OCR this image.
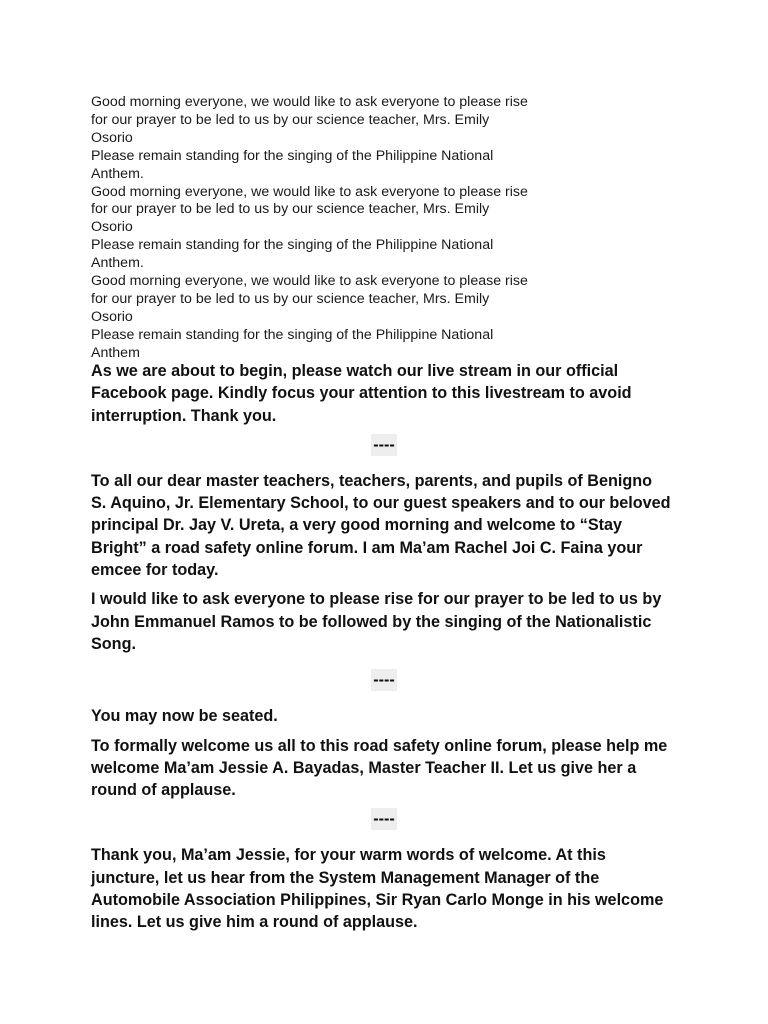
Good morning everyone, we would like to ask everyone to please rise
for our prayer to be led to us by our science teacher, Mrs. Emily
Osorio
Please remain standing for the singing of the Philippine National
Anthem.
Good morning everyone, we would like to ask everyone to please rise
for our prayer to be led to us by our science teacher, Mrs. Emily
Osorio
Please remain standing for the singing of the Philippine National
Anthem.
Good morning everyone, we would like to ask everyone to please rise
for our prayer to be led to us by our science teacher, Mrs. Emily
Osorio
Please remain standing for the singing of the Philippine National
Anthem

As we are about to begin, please watch our live stream in our official
Facebook page. Kindly focus your attention to this livestream to avoid
interruption. Thank you.

----

To all our dear master teachers, teachers, parents, and pupils of Benigno
S. Aquino, Jr. Elementary School, to our guest speakers and to our beloved
principal Dr. Jay V. Ureta, a very good morning and welcome to “Stay
Bright” a road safety online forum. I am Ma’am Rachel Joi C. Faina your
emcee for today.

I would like to ask everyone to please rise for our prayer to be led to us by
John Emmanuel Ramos to be followed by the singing of the Nationalistic
Song.

----

You may now be seated.

To formally welcome us all to this road safety online forum, please help me
welcome Ma’am Jessie A. Bayadas, Master Teacher II. Let us give her a
round of applause.

----

Thank you, Ma’am Jessie, for your warm words of welcome. At this
juncture, let us hear from the System Management Manager of the
Automobile Association Philippines, Sir Ryan Carlo Monge in his welcome
lines. Let us give him a round of applause.
